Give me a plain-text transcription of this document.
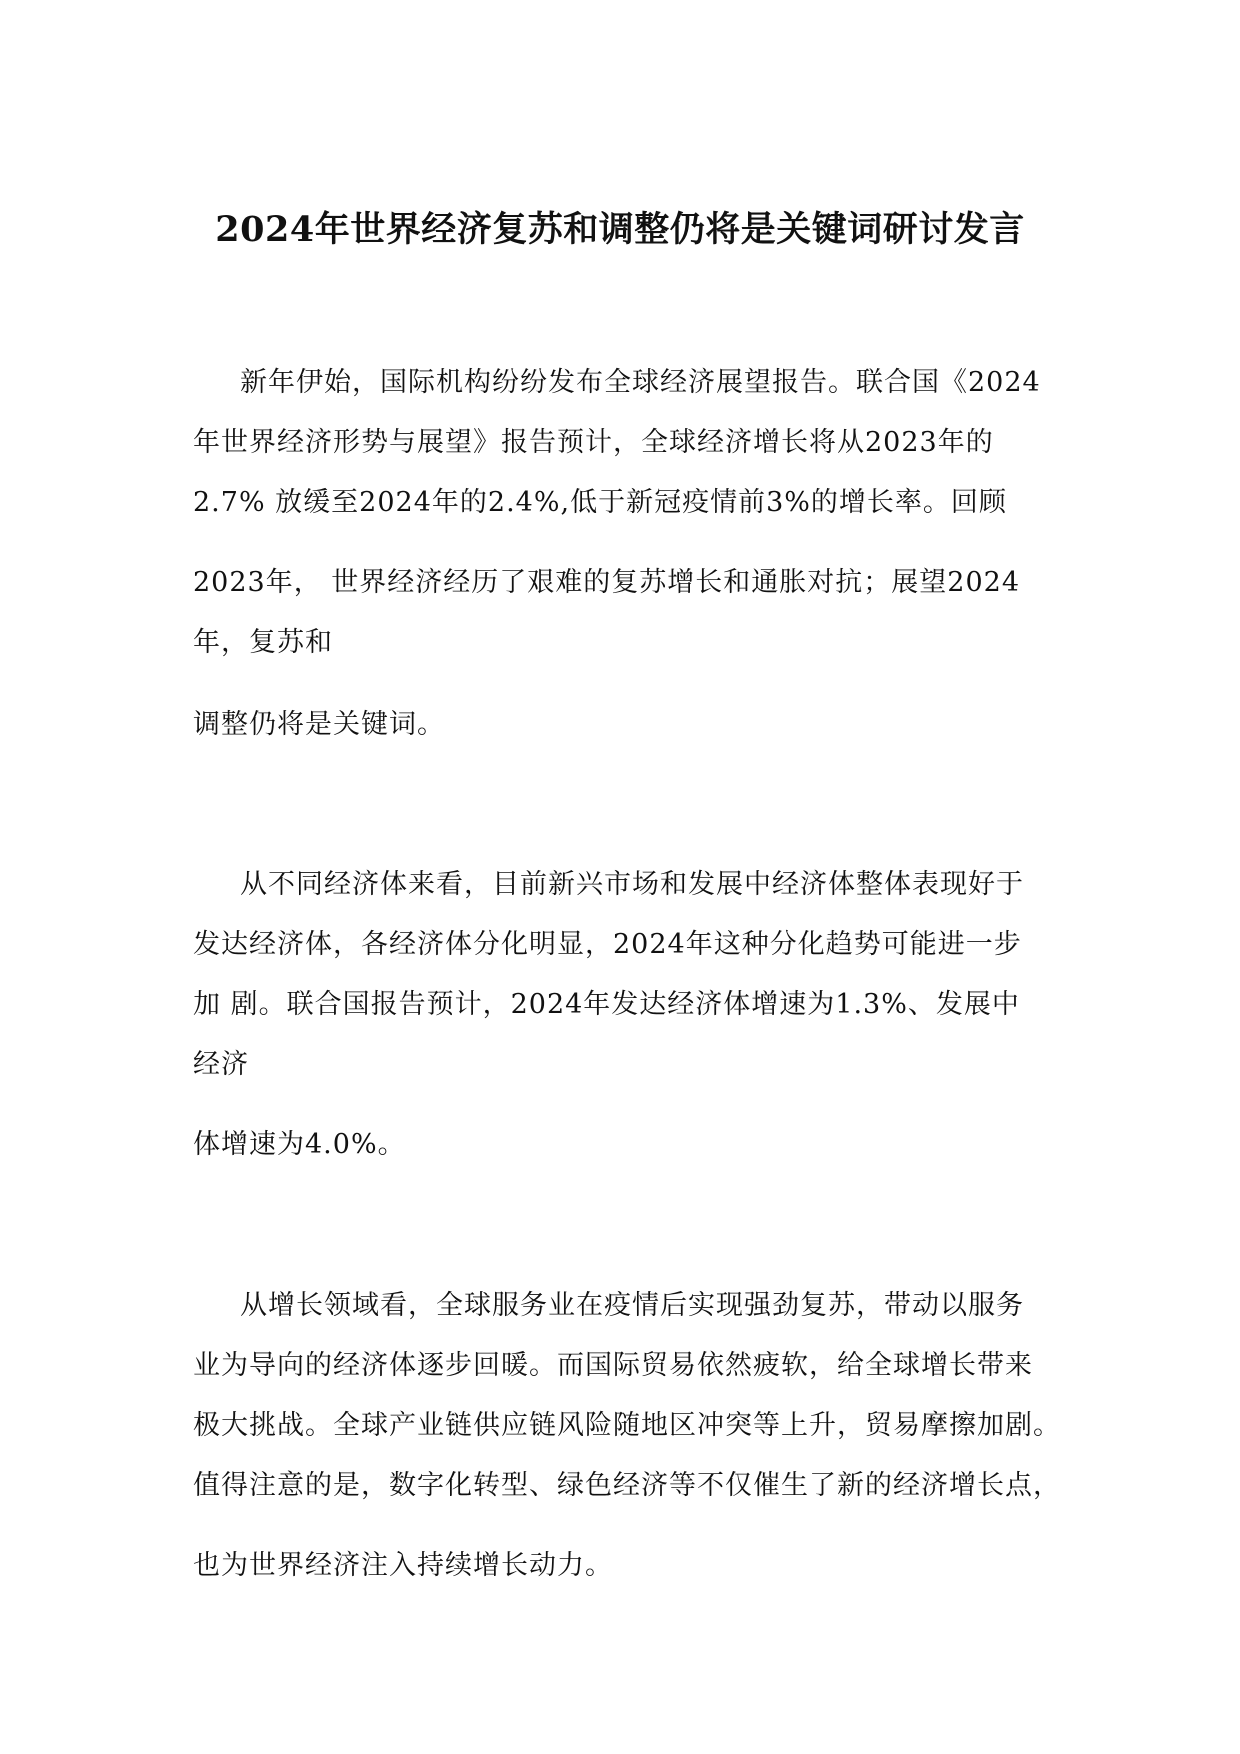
2024年世界经济复苏和调整仍将是关键词研讨发言
新年伊始，国际机构纷纷发布全球经济展望报告。联合国《2024
年世界经济形势与展望》报告预计，全球经济增长将从2023年的
2.7% 放缓至2024年的2.4%,低于新冠疫情前3%的增长率。回顾
2023年， 世界经济经历了艰难的复苏增长和通胀对抗；展望2024
年，复苏和
调整仍将是关键词。
从不同经济体来看，目前新兴市场和发展中经济体整体表现好于
发达经济体，各经济体分化明显，2024年这种分化趋势可能进一步
加 剧。联合国报告预计，2024年发达经济体增速为1.3%、发展中
经济
体增速为4.0%。
从增长领域看，全球服务业在疫情后实现强劲复苏，带动以服务
业为导向的经济体逐步回暖。而国际贸易依然疲软，给全球增长带来
极大挑战。全球产业链供应链风险随地区冲突等上升，贸易摩擦加剧。
值得注意的是，数字化转型、绿色经济等不仅催生了新的经济增长点，
也为世界经济注入持续增长动力。
